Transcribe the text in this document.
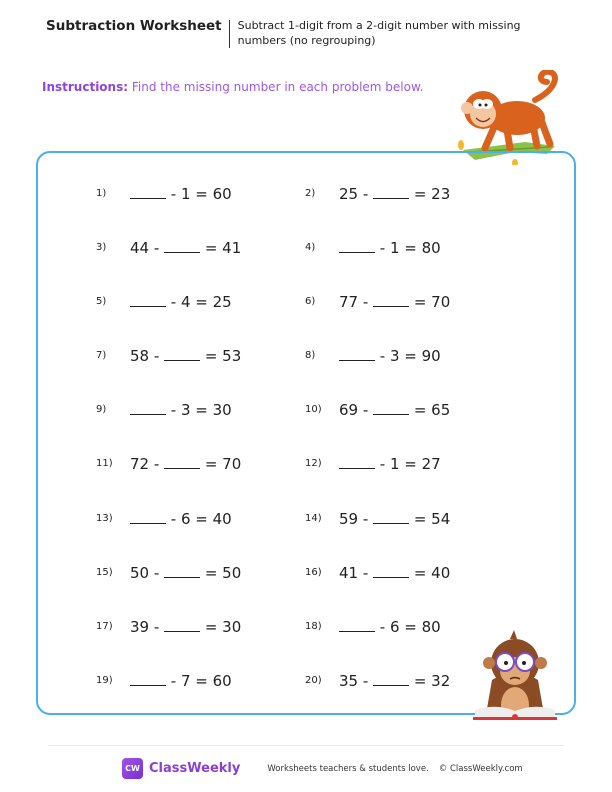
Subtraction Worksheet Subtract 1-digit from a 2-digit number with missing numbers (no regrouping)
Instructions: Find the missing number in each problem below.
1)	- 1 = 60	2)	25 -	= 23
3)	44 -	= 41	4)	- 1 = 80
5)	- 4 = 25	6)	77 -	= 70
7)	58 -	= 53	8)	- 3 = 90
9)	- 3 = 30	10)	69 -	= 65
11)	72 -	= 70	12)	- 1 = 27
13)	- 6 = 40	14)	59 -	= 54
15)	50 -	= 50	16)	41 -	= 40
17)	39 -	= 30	18)	- 6 = 80
19)	- 7 = 60	20)	35 -	= 32
CW ClassWeekly	Worksheets teachers & students love. © ClassWeekly.com
